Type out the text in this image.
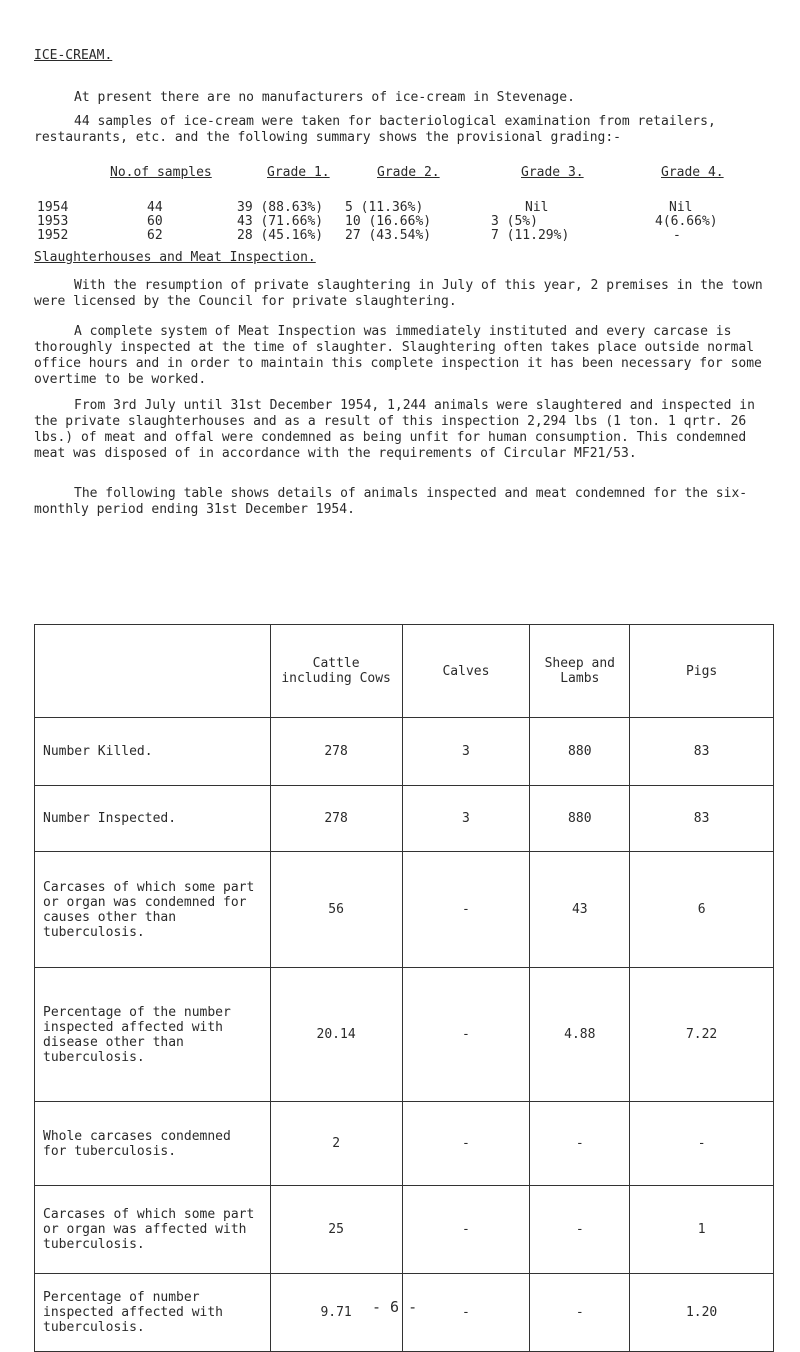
ICE-CREAM.

At present there are no manufacturers of ice-cream in Stevenage.

44 samples of ice-cream were taken for bacteriological examination from retailers, restaurants, etc. and the following summary shows the provisional grading:-

No.of samples	Grade 1.	Grade 2.	Grade 3.	Grade 4.
1954	44	39 (88.63%) 5 (11.36%)	Nil	Nil
1953	60	43 (71.66%) 10 (16.66%)	3 (5%)	4(6.66%)
1952	62	28 (45.16%) 27 (43.54%)	7 (11.29%)	-
Slaughterhouses and Meat Inspection.

With the resumption of private slaughtering in July of this year, 2 premises in the town were licensed by the Council for private slaughtering.

A complete system of Meat Inspection was immediately instituted and every carcase is thoroughly inspected at the time of slaughter. Slaughtering often takes place outside normal office hours and in order to maintain this complete inspection it has been necessary for some overtime to be worked.

From 3rd July until 31st December 1954, 1,244 animals were slaughtered and inspected in the private slaughterhouses and as a result of this inspection 2,294 lbs (1 ton. 1 qrtr. 26 lbs.) of meat and offal were condemned as being unfit for human consumption. This condemned meat was disposed of in accordance with the requirements of Circular MF21/53.

The following table shows details of animals inspected and meat condemned for the six-monthly period ending 31st December 1954.

	Cattle including Cows	Calves	Sheep and Lambs	Pigs
Number Killed.	278	3	880	83
Number Inspected.	278	3	880	83
Carcases of which some part or organ was condemned for causes other than tuberculosis.	56	-	43	6
Percentage of the number inspected affected with disease other than tuberculosis.	20.14	-	4.88	7.22
Whole carcases condemned for tuberculosis.	2	-	-	-
Carcases of which some part or organ was affected with tuberculosis.	25	-	-	1
Percentage of number inspected affected with tuberculosis.	9.71	-	-	1.20
- 6 -
